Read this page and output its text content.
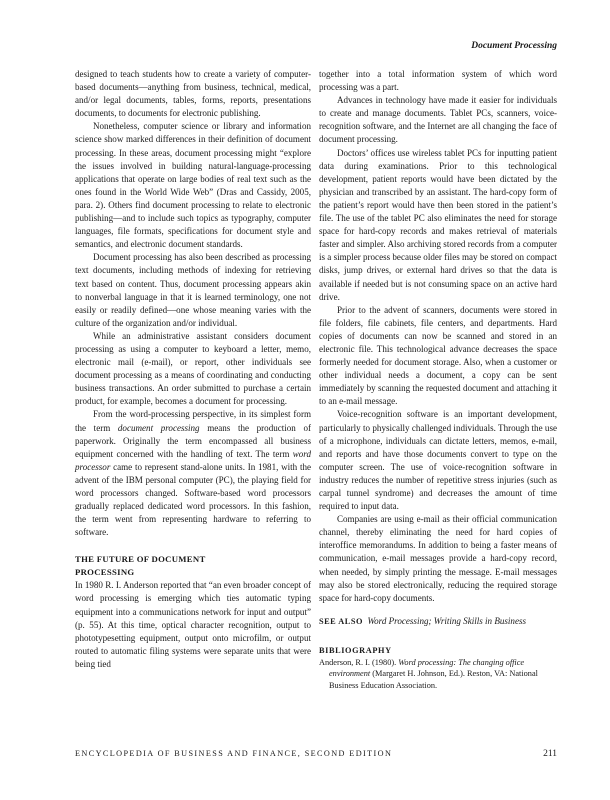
Document Processing

designed to teach students how to create a variety of computer-based documents—anything from business, technical, medical, and/or legal documents, tables, forms, reports, presentations documents, to documents for electronic publishing.

Nonetheless, computer science or library and information science show marked differences in their definition of document processing. In these areas, document processing might “explore the issues involved in building natural-language-processing applications that operate on large bodies of real text such as the ones found in the World Wide Web” (Dras and Cassidy, 2005, para. 2). Others find document processing to relate to electronic publishing—and to include such topics as typography, computer languages, file formats, specifications for document style and semantics, and electronic document standards.

Document processing has also been described as processing text documents, including methods of indexing for retrieving text based on content. Thus, document processing appears akin to nonverbal language in that it is learned terminology, one not easily or readily defined—one whose meaning varies with the culture of the organization and/or individual.

While an administrative assistant considers document processing as using a computer to keyboard a letter, memo, electronic mail (e-mail), or report, other individuals see document processing as a means of coordinating and conducting business transactions. An order submitted to purchase a certain product, for example, becomes a document for processing.

From the word-processing perspective, in its simplest form the term document processing means the production of paperwork. Originally the term encompassed all business equipment concerned with the handling of text. The term word processor came to represent stand-alone units. In 1981, with the advent of the IBM personal computer (PC), the playing field for word processors changed. Software-based word processors gradually replaced dedicated word processors. In this fashion, the term went from representing hardware to referring to software.

THE FUTURE OF DOCUMENT
PROCESSING

In 1980 R. I. Anderson reported that “an even broader concept of word processing is emerging which ties automatic typing equipment into a communications network for input and output” (p. 55). At this time, optical character recognition, output to phototypesetting equipment, output onto microfilm, or output routed to automatic filing systems were separate units that were being tied

together into a total information system of which word processing was a part.

Advances in technology have made it easier for individuals to create and manage documents. Tablet PCs, scanners, voice-recognition software, and the Internet are all changing the face of document processing.

Doctors’ offices use wireless tablet PCs for inputting patient data during examinations. Prior to this technological development, patient reports would have been dictated by the physician and transcribed by an assistant. The hard-copy form of the patient’s report would have then been stored in the patient’s file. The use of the tablet PC also eliminates the need for storage space for hard-copy records and makes retrieval of materials faster and simpler. Also archiving stored records from a computer is a simpler process because older files may be stored on compact disks, jump drives, or external hard drives so that the data is available if needed but is not consuming space on an active hard drive.

Prior to the advent of scanners, documents were stored in file folders, file cabinets, file centers, and departments. Hard copies of documents can now be scanned and stored in an electronic file. This technological advance decreases the space formerly needed for document storage. Also, when a customer or other individual needs a document, a copy can be sent immediately by scanning the requested document and attaching it to an e-mail message.

Voice-recognition software is an important development, particularly to physically challenged individuals. Through the use of a microphone, individuals can dictate letters, memos, e-mail, and reports and have those documents convert to type on the computer screen. The use of voice-recognition software in industry reduces the number of repetitive stress injuries (such as carpal tunnel syndrome) and decreases the amount of time required to input data.

Companies are using e-mail as their official communication channel, thereby eliminating the need for hard copies of interoffice memorandums. In addition to being a faster means of communication, e-mail messages provide a hard-copy record, when needed, by simply printing the message. E-mail messages may also be stored electronically, reducing the required storage space for hard-copy documents.

SEE ALSO Word Processing; Writing Skills in Business
BIBLIOGRAPHY
Anderson, R. I. (1980). Word processing: The changing office environment (Margaret H. Johnson, Ed.). Reston, VA: National Business Education Association.
ENCYCLOPEDIA OF BUSINESS AND FINANCE, SECOND EDITION	211
